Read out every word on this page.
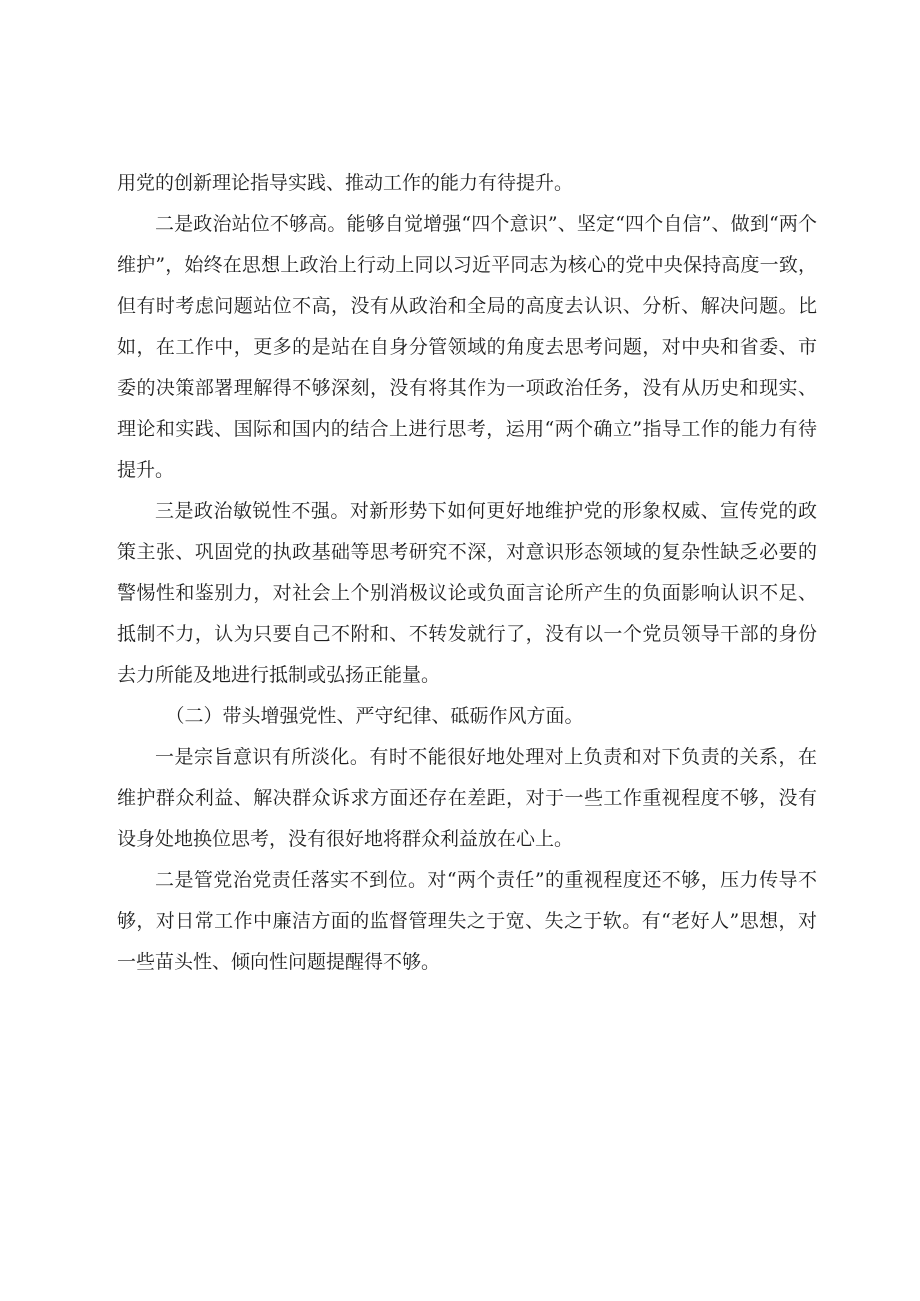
用党的创新理论指导实践、推动工作的能力有待提升。

二是政治站位不够高。能够自觉增强“四个意识”、坚定“四个自信”、做到“两个维护”，始终在思想上政治上行动上同以习近平同志为核心的党中央保持高度一致，但有时考虑问题站位不高，没有从政治和全局的高度去认识、分析、解决问题。比如，在工作中，更多的是站在自身分管领域的角度去思考问题，对中央和省委、市委的决策部署理解得不够深刻，没有将其作为一项政治任务，没有从历史和现实、理论和实践、国际和国内的结合上进行思考，运用“两个确立”指导工作的能力有待提升。

三是政治敏锐性不强。对新形势下如何更好地维护党的形象权威、宣传党的政策主张、巩固党的执政基础等思考研究不深，对意识形态领域的复杂性缺乏必要的警惕性和鉴别力，对社会上个别消极议论或负面言论所产生的负面影响认识不足、抵制不力，认为只要自己不附和、不转发就行了，没有以一个党员领导干部的身份去力所能及地进行抵制或弘扬正能量。

（二）带头增强党性、严守纪律、砥砺作风方面。

一是宗旨意识有所淡化。有时不能很好地处理对上负责和对下负责的关系，在维护群众利益、解决群众诉求方面还存在差距，对于一些工作重视程度不够，没有设身处地换位思考，没有很好地将群众利益放在心上。

二是管党治党责任落实不到位。对“两个责任”的重视程度还不够，压力传导不够，对日常工作中廉洁方面的监督管理失之于宽、失之于软。有“老好人”思想，对一些苗头性、倾向性问题提醒得不够。
